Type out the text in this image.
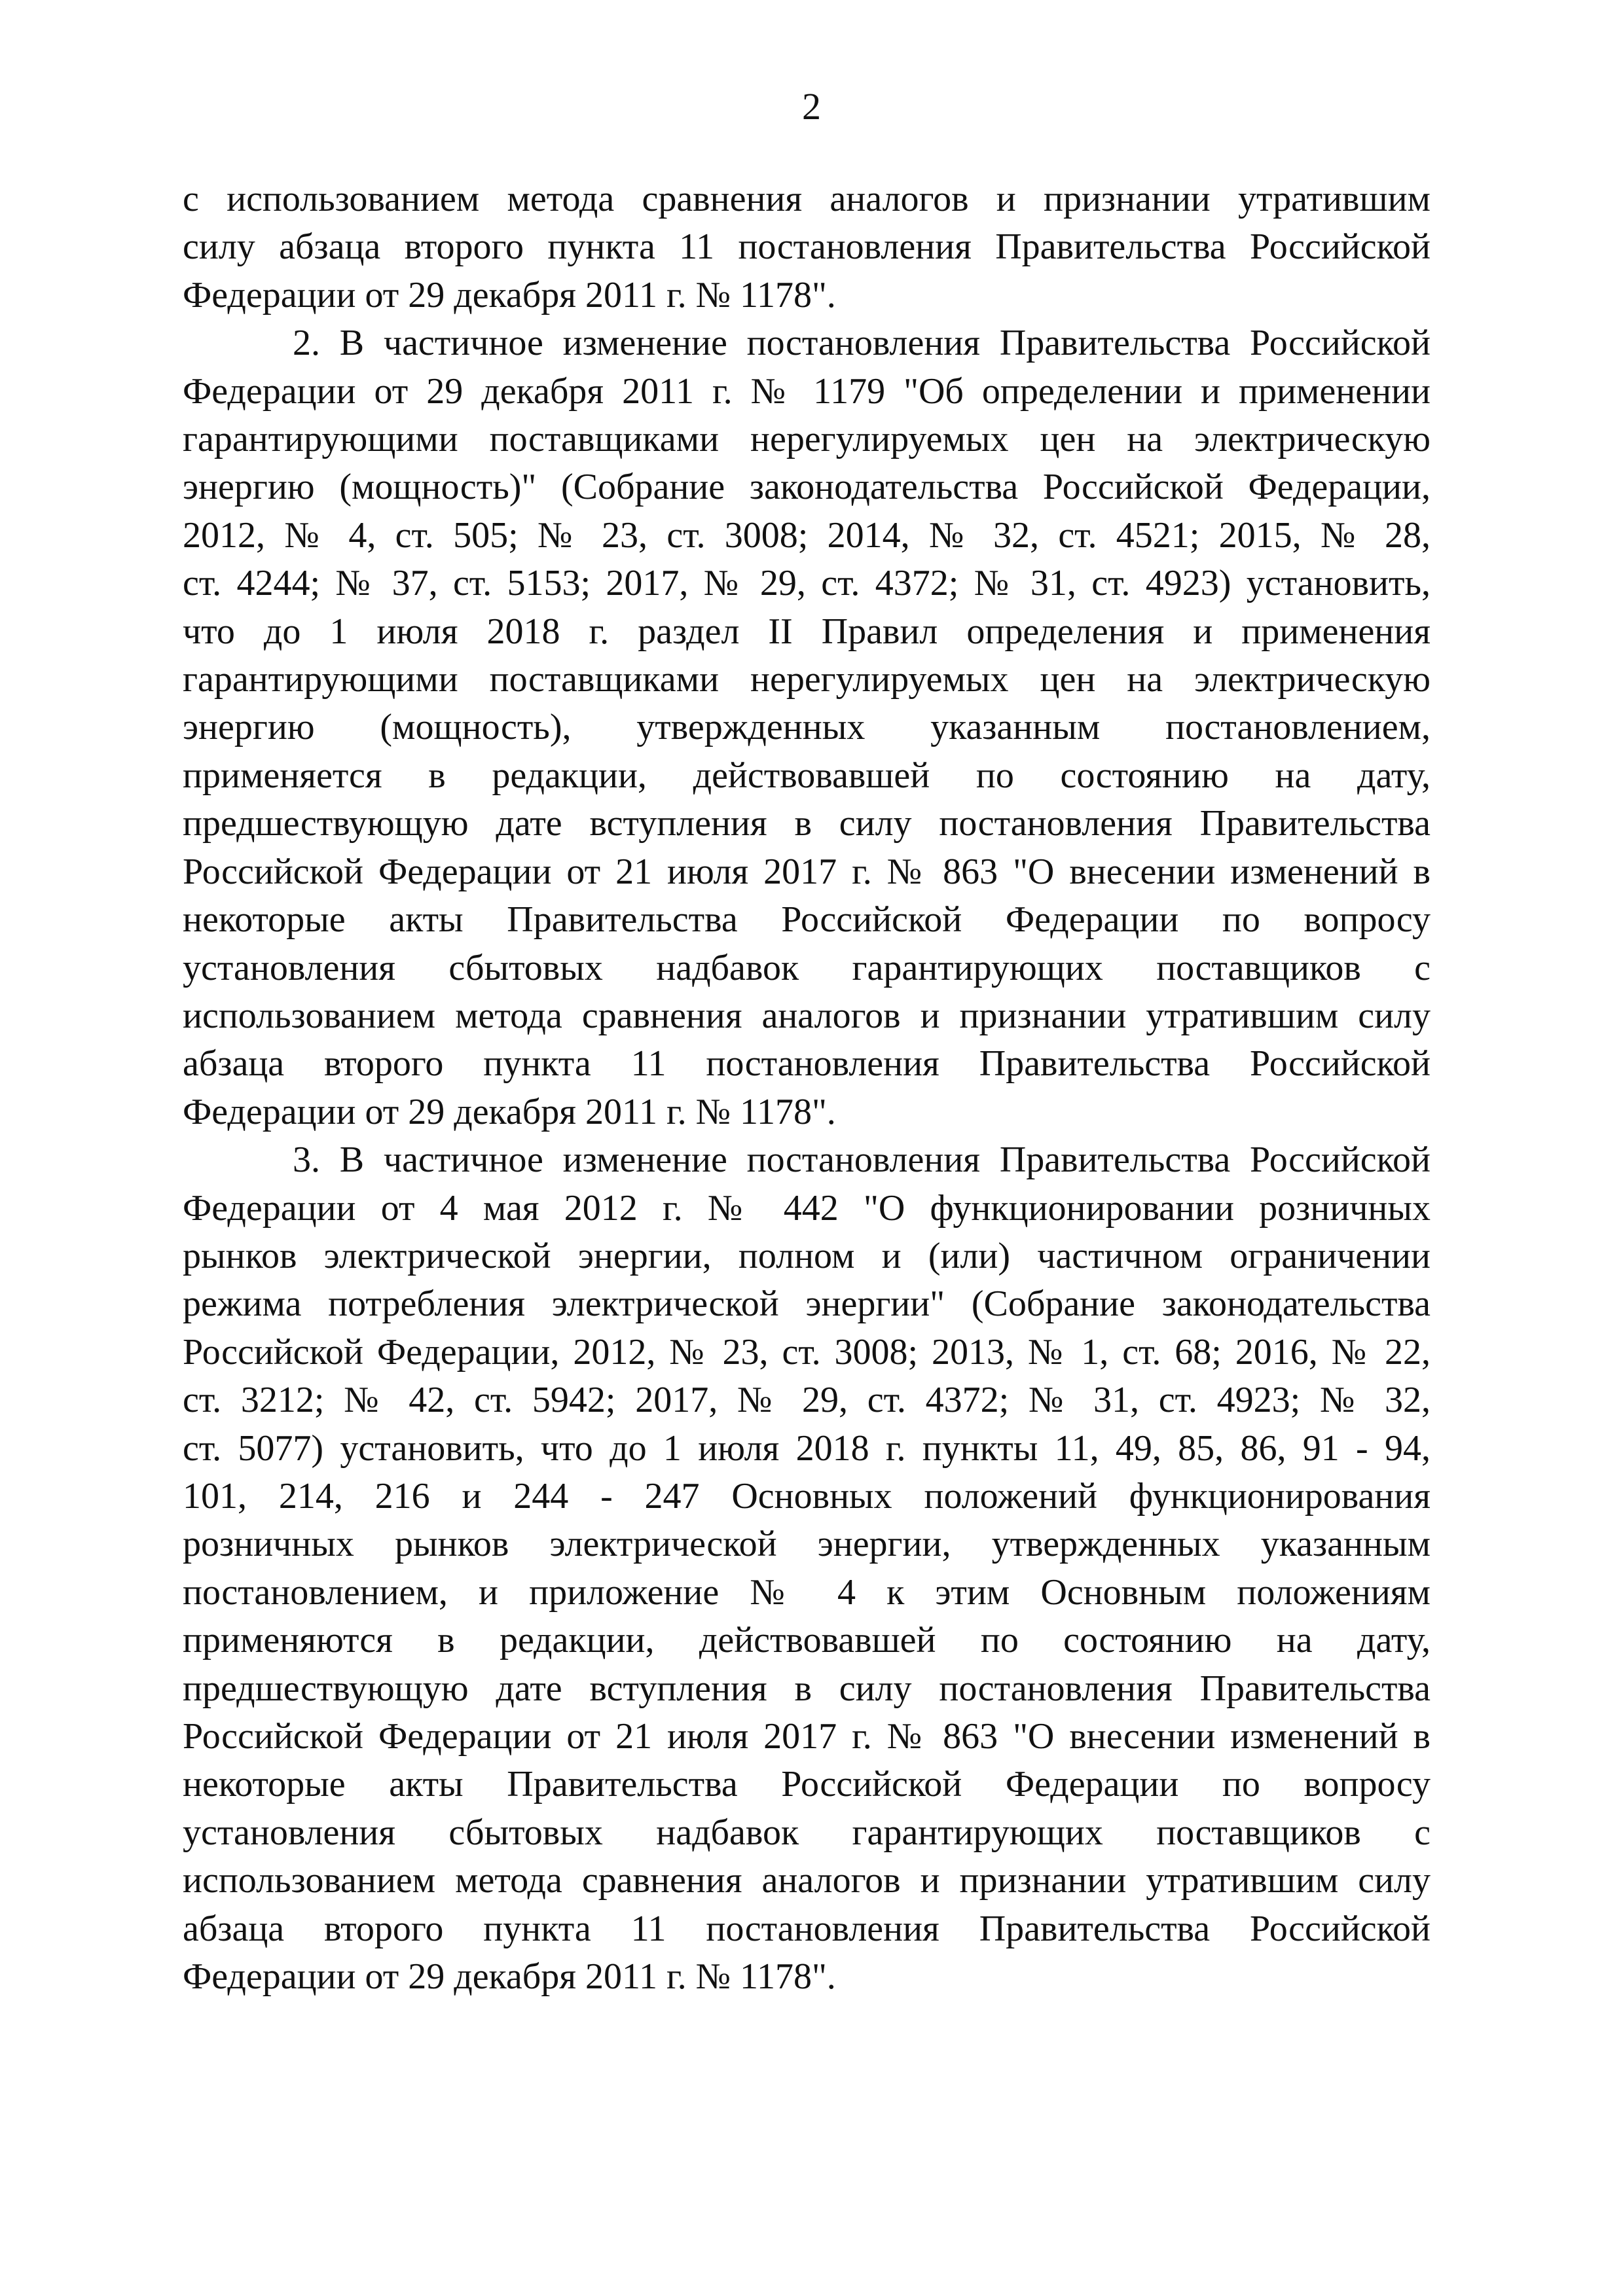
2
с использованием метода сравнения аналогов и признании утратившим
силу абзаца второго пункта 11 постановления Правительства Российской
Федерации от 29 декабря 2011 г. № 1178".
2. В частичное изменение постановления Правительства Российской
Федерации от 29 декабря 2011 г. № 1179 "Об определении и применении
гарантирующими поставщиками нерегулируемых цен на электрическую
энергию (мощность)" (Собрание законодательства Российской Федерации,
2012, № 4, ст. 505; № 23, ст. 3008; 2014, № 32, ст. 4521; 2015, № 28,
ст. 4244; № 37, ст. 5153; 2017, № 29, ст. 4372; № 31, ст. 4923) установить,
что до 1 июля 2018 г. раздел II Правил определения и применения
гарантирующими поставщиками нерегулируемых цен на электрическую
энергию (мощность), утвержденных указанным постановлением,
применяется в редакции, действовавшей по состоянию на дату,
предшествующую дате вступления в силу постановления Правительства
Российской Федерации от 21 июля 2017 г. № 863 "О внесении изменений в
некоторые акты Правительства Российской Федерации по вопросу
установления сбытовых надбавок гарантирующих поставщиков с
использованием метода сравнения аналогов и признании утратившим силу
абзаца второго пункта 11 постановления Правительства Российской
Федерации от 29 декабря 2011 г. № 1178".
3. В частичное изменение постановления Правительства Российской
Федерации от 4 мая 2012 г. № 442 "О функционировании розничных
рынков электрической энергии, полном и (или) частичном ограничении
режима потребления электрической энергии" (Собрание законодательства
Российской Федерации, 2012, № 23, ст. 3008; 2013, № 1, ст. 68; 2016, № 22,
ст. 3212; № 42, ст. 5942; 2017, № 29, ст. 4372; № 31, ст. 4923; № 32,
ст. 5077) установить, что до 1 июля 2018 г. пункты 11, 49, 85, 86, 91 - 94,
101, 214, 216 и 244 - 247 Основных положений функционирования
розничных рынков электрической энергии, утвержденных указанным
постановлением, и приложение № 4 к этим Основным положениям
применяются в редакции, действовавшей по состоянию на дату,
предшествующую дате вступления в силу постановления Правительства
Российской Федерации от 21 июля 2017 г. № 863 "О внесении изменений в
некоторые акты Правительства Российской Федерации по вопросу
установления сбытовых надбавок гарантирующих поставщиков с
использованием метода сравнения аналогов и признании утратившим силу
абзаца второго пункта 11 постановления Правительства Российской
Федерации от 29 декабря 2011 г. № 1178".
